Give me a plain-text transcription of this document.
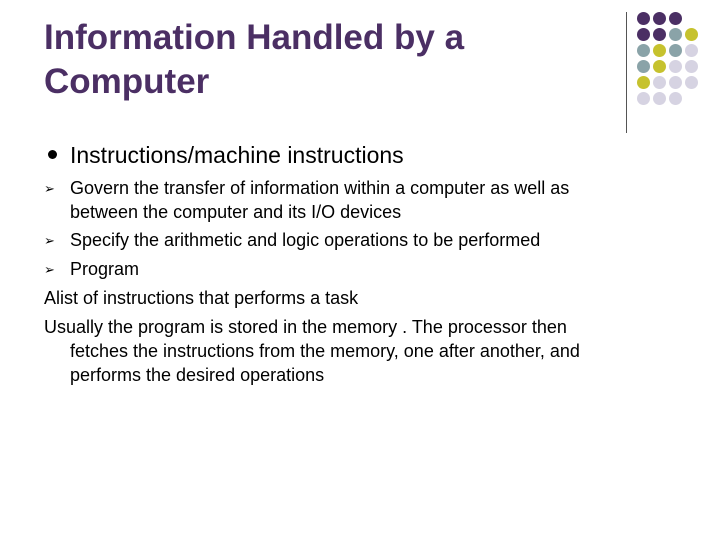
Information Handled by a
Computer
Instructions/machine instructions
➢ Govern the transfer of information within a computer as well as
between the computer and its I/O devices
➢ Specify the arithmetic and logic operations to be performed
➢ Program
Alist of instructions that performs a task
Usually the program is stored in the memory . The processor then
fetches the instructions from the memory, one after another, and
performs the desired operations
